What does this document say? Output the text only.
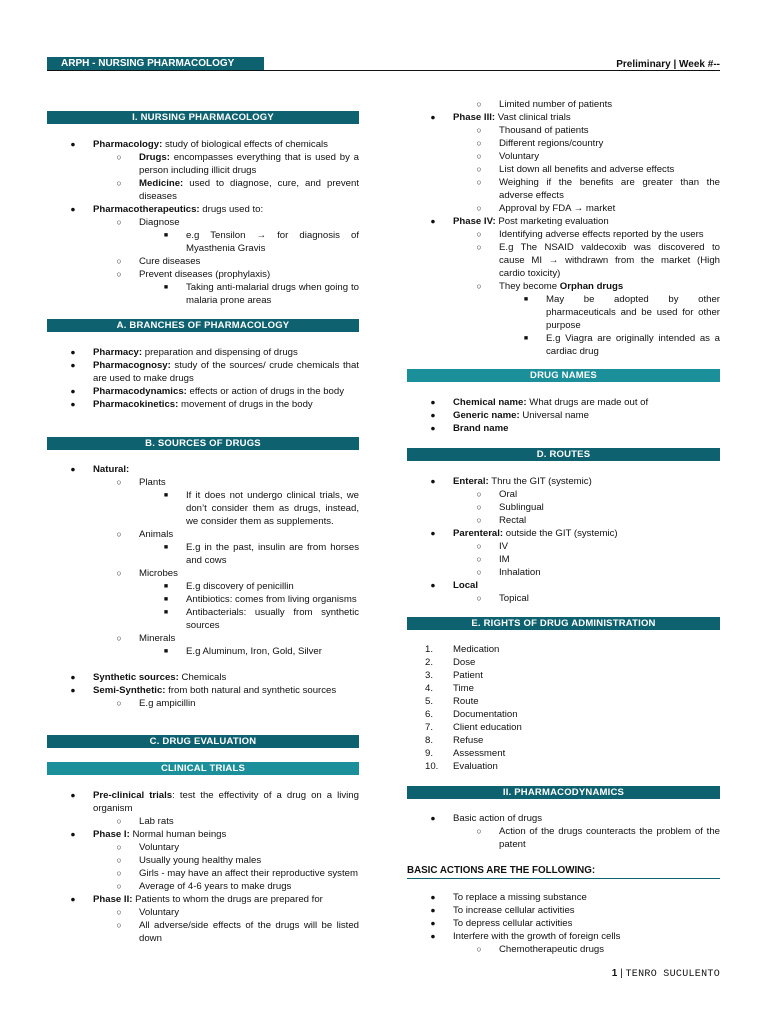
ARPH - NURSING PHARMACOLOGY	Preliminary | Week #--
I. NURSING PHARMACOLOGY
●	Pharmacology: study of biological effects of chemicals
○	Drugs: encompasses everything that is used by a person including illicit drugs
○	Medicine: used to diagnose, cure, and prevent diseases
●	Pharmacotherapeutics: drugs used to:
○	Diagnose
■	e.g Tensilon → for diagnosis of Myasthenia Gravis
○	Cure diseases
○	Prevent diseases (prophylaxis)
■	Taking anti-malarial drugs when going to malaria prone areas
A. BRANCHES OF PHARMACOLOGY
●	Pharmacy: preparation and dispensing of drugs
●	Pharmacognosy: study of the sources/ crude chemicals that are used to make drugs
●	Pharmacodynamics: effects or action of drugs in the body
●	Pharmacokinetics: movement of drugs in the body
B. SOURCES OF DRUGS
●	Natural:
○	Plants
■	If it does not undergo clinical trials, we don’t consider them as drugs, instead, we consider them as supplements.
○	Animals
■	E.g in the past, insulin are from horses and cows
○	Microbes
■	E.g discovery of penicillin
■	Antibiotics: comes from living organisms
■	Antibacterials: usually from synthetic sources
○	Minerals
■	E.g Aluminum, Iron, Gold, Silver
●	Synthetic sources: Chemicals
●	Semi-Synthetic: from both natural and synthetic sources
○	E.g ampicillin
C. DRUG EVALUATION
CLINICAL TRIALS
●	Pre-clinical trials: test the effectivity of a drug on a living organism
○	Lab rats
●	Phase I: Normal human beings
○	Voluntary
○	Usually young healthy males
○	Girls - may have an affect their reproductive system
○	Average of 4-6 years to make drugs
●	Phase II: Patients to whom the drugs are prepared for
○	Voluntary
○	All adverse/side effects of the drugs will be listed down
○	Limited number of patients
●	Phase III: Vast clinical trials
○	Thousand of patients
○	Different regions/country
○	Voluntary
○	List down all benefits and adverse effects
○	Weighing if the benefits are greater than the adverse effects
○	Approval by FDA → market
●	Phase IV: Post marketing evaluation
○	Identifying adverse effects reported by the users
○	E.g The NSAID valdecoxib was discovered to cause MI → withdrawn from the market (High cardio toxicity)
○	They become Orphan drugs
■	May be adopted by other pharmaceuticals and be used for other purpose
■	E.g Viagra are originally intended as a cardiac drug
DRUG NAMES
●	Chemical name: What drugs are made out of
●	Generic name: Universal name
●	Brand name
D. ROUTES
●	Enteral: Thru the GIT (systemic)
○	Oral
○	Sublingual
○	Rectal
●	Parenteral: outside the GIT (systemic)
○	IV
○	IM
○	Inhalation
●	Local
○	Topical
E. RIGHTS OF DRUG ADMINISTRATION
1.	Medication
2.	Dose
3.	Patient
4.	Time
5.	Route
6.	Documentation
7.	Client education
8.	Refuse
9.	Assessment
10. Evaluation
II. PHARMACODYNAMICS
●	Basic action of drugs
○	Action of the drugs counteracts the problem of the patent
BASIC ACTIONS ARE THE FOLLOWING:
●	To replace a missing substance
●	To increase cellular activities
●	To depress cellular activities
●	Interfere with the growth of foreign cells
○	Chemotherapeutic drugs
1 | TENRO SUCULENTO
